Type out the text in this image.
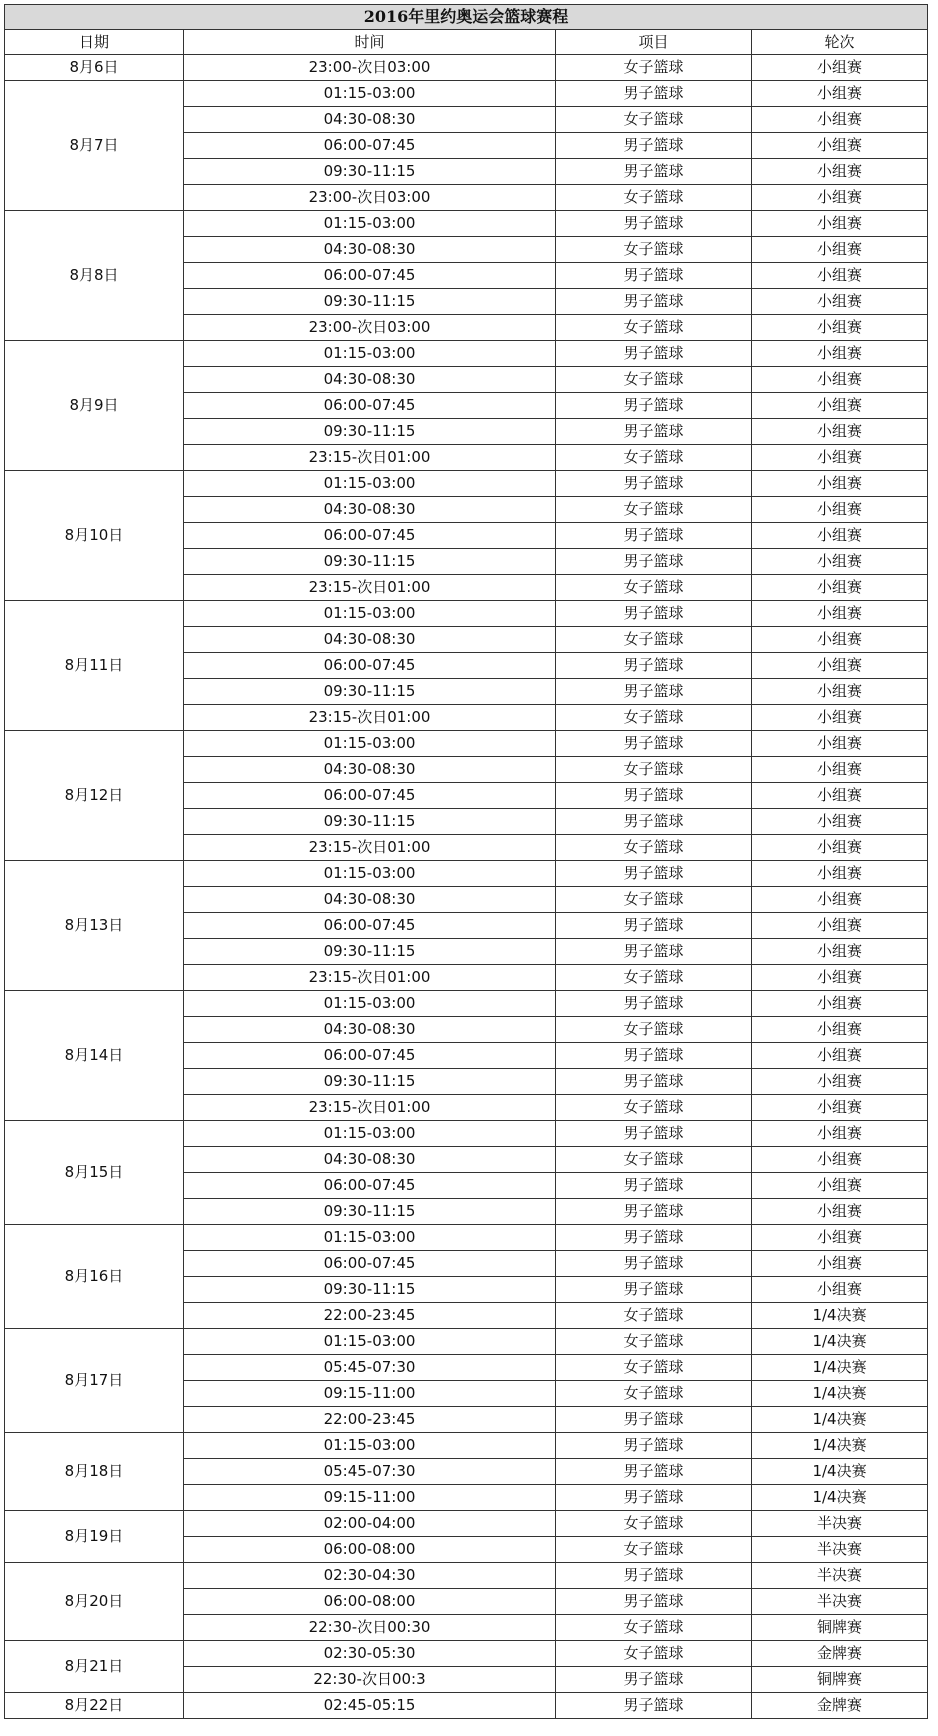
2016年里约奥运会篮球赛程			
日期	时间	项目	轮次
8月6日	23:00-次日03:00	女子篮球	小组赛
8月7日	01:15-03:00	男子篮球	小组赛
	04:30-08:30	女子篮球	小组赛
	06:00-07:45	男子篮球	小组赛
	09:30-11:15	男子篮球	小组赛
	23:00-次日03:00	女子篮球	小组赛
8月8日	01:15-03:00	男子篮球	小组赛
	04:30-08:30	女子篮球	小组赛
	06:00-07:45	男子篮球	小组赛
	09:30-11:15	男子篮球	小组赛
	23:00-次日03:00	女子篮球	小组赛
8月9日	01:15-03:00	男子篮球	小组赛
	04:30-08:30	女子篮球	小组赛
	06:00-07:45	男子篮球	小组赛
	09:30-11:15	男子篮球	小组赛
	23:15-次日01:00	女子篮球	小组赛
8月10日	01:15-03:00	男子篮球	小组赛
	04:30-08:30	女子篮球	小组赛
	06:00-07:45	男子篮球	小组赛
	09:30-11:15	男子篮球	小组赛
	23:15-次日01:00	女子篮球	小组赛
8月11日	01:15-03:00	男子篮球	小组赛
	04:30-08:30	女子篮球	小组赛
	06:00-07:45	男子篮球	小组赛
	09:30-11:15	男子篮球	小组赛
	23:15-次日01:00	女子篮球	小组赛
8月12日	01:15-03:00	男子篮球	小组赛
	04:30-08:30	女子篮球	小组赛
	06:00-07:45	男子篮球	小组赛
	09:30-11:15	男子篮球	小组赛
	23:15-次日01:00	女子篮球	小组赛
8月13日	01:15-03:00	男子篮球	小组赛
	04:30-08:30	女子篮球	小组赛
	06:00-07:45	男子篮球	小组赛
	09:30-11:15	男子篮球	小组赛
	23:15-次日01:00	女子篮球	小组赛
8月14日	01:15-03:00	男子篮球	小组赛
	04:30-08:30	女子篮球	小组赛
	06:00-07:45	男子篮球	小组赛
	09:30-11:15	男子篮球	小组赛
	23:15-次日01:00	女子篮球	小组赛
8月15日	01:15-03:00	男子篮球	小组赛
	04:30-08:30	女子篮球	小组赛
	06:00-07:45	男子篮球	小组赛
	09:30-11:15	男子篮球	小组赛
8月16日	01:15-03:00	男子篮球	小组赛
	06:00-07:45	男子篮球	小组赛
	09:30-11:15	男子篮球	小组赛
	22:00-23:45	女子篮球	1/4决赛
8月17日	01:15-03:00	女子篮球	1/4决赛
	05:45-07:30	女子篮球	1/4决赛
	09:15-11:00	女子篮球	1/4决赛
	22:00-23:45	男子篮球	1/4决赛
8月18日	01:15-03:00	男子篮球	1/4决赛
	05:45-07:30	男子篮球	1/4决赛
	09:15-11:00	男子篮球	1/4决赛
8月19日	02:00-04:00	女子篮球	半决赛
	06:00-08:00	女子篮球	半决赛
8月20日	02:30-04:30	男子篮球	半决赛
	06:00-08:00	男子篮球	半决赛
	22:30-次日00:30	女子篮球	铜牌赛
8月21日	02:30-05:30	女子篮球	金牌赛
	22:30-次日00:3	男子篮球	铜牌赛
8月22日	02:45-05:15	男子篮球	金牌赛
